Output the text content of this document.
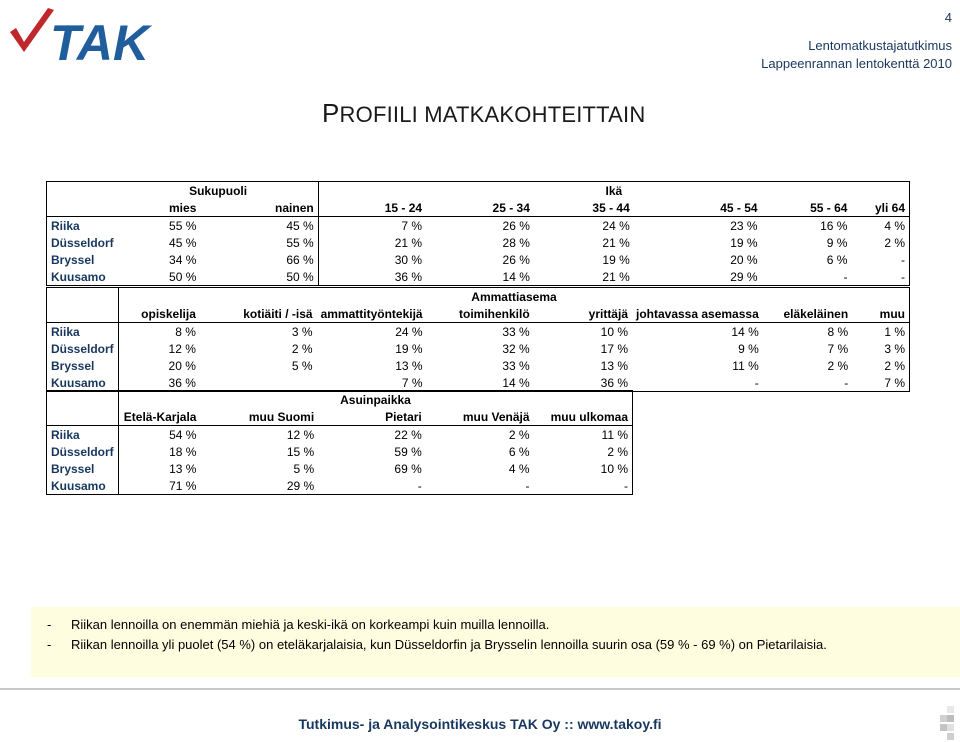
TAK	4
Lentomatkustajatutkimus
Lappeenrannan lentokenttä 2010
PROFIILI MATKAKOHTEITTAIN
	Sukupuoli		Ikä					
	mies	nainen	15 - 24	25 - 34	35 - 44	45 - 54	55 - 64	yli 64
Riika	55 %	45 %	7 %	26 %	24 %	23 %	16 %	4 %
Düsseldorf	45 %	55 %	21 %	28 %	21 %	19 %	9 %	2 %
Bryssel	34 %	66 %	30 %	26 %	19 %	20 %	6 %	-
Kuusamo	50 %	50 %	36 %	14 %	21 %	29 %	-	-
	Ammattiasema							
	opiskelija	kotiäiti / -isä	ammattityöntekijä	toimihenkilö	yrittäjä	johtavassa asemassa	eläkeläinen	muu
Riika	8 %	3 %	24 %	33 %	10 %	14 %	8 %	1 %
Düsseldorf	12 %	2 %	19 %	32 %	17 %	9 %	7 %	3 %
Bryssel	20 %	5 %	13 %	33 %	13 %	11 %	2 %	2 %
Kuusamo	36 %		7 %	14 %	36 %	-	-	7 %
	Asuinpaikka				
	Etelä-Karjala	muu Suomi	Pietari	muu Venäjä	muu ulkomaa
Riika	54 %	12 %	22 %	2 %	11 %
Düsseldorf	18 %	15 %	59 %	6 %	2 %
Bryssel	13 %	5 %	69 %	4 %	10 %
Kuusamo	71 %	29 %	-	-	-
- Riikan lennoilla on enemmän miehiä ja keski-ikä on korkeampi kuin muilla lennoilla.
- Riikan lennoilla yli puolet (54 %) on eteläkarjalaisia, kun Düsseldorfin ja Brysselin lennoilla suurin osa (59 % - 69 %) on Pietarilaisia.
Tutkimus- ja Analysointikeskus TAK Oy :: www.takoy.fi
